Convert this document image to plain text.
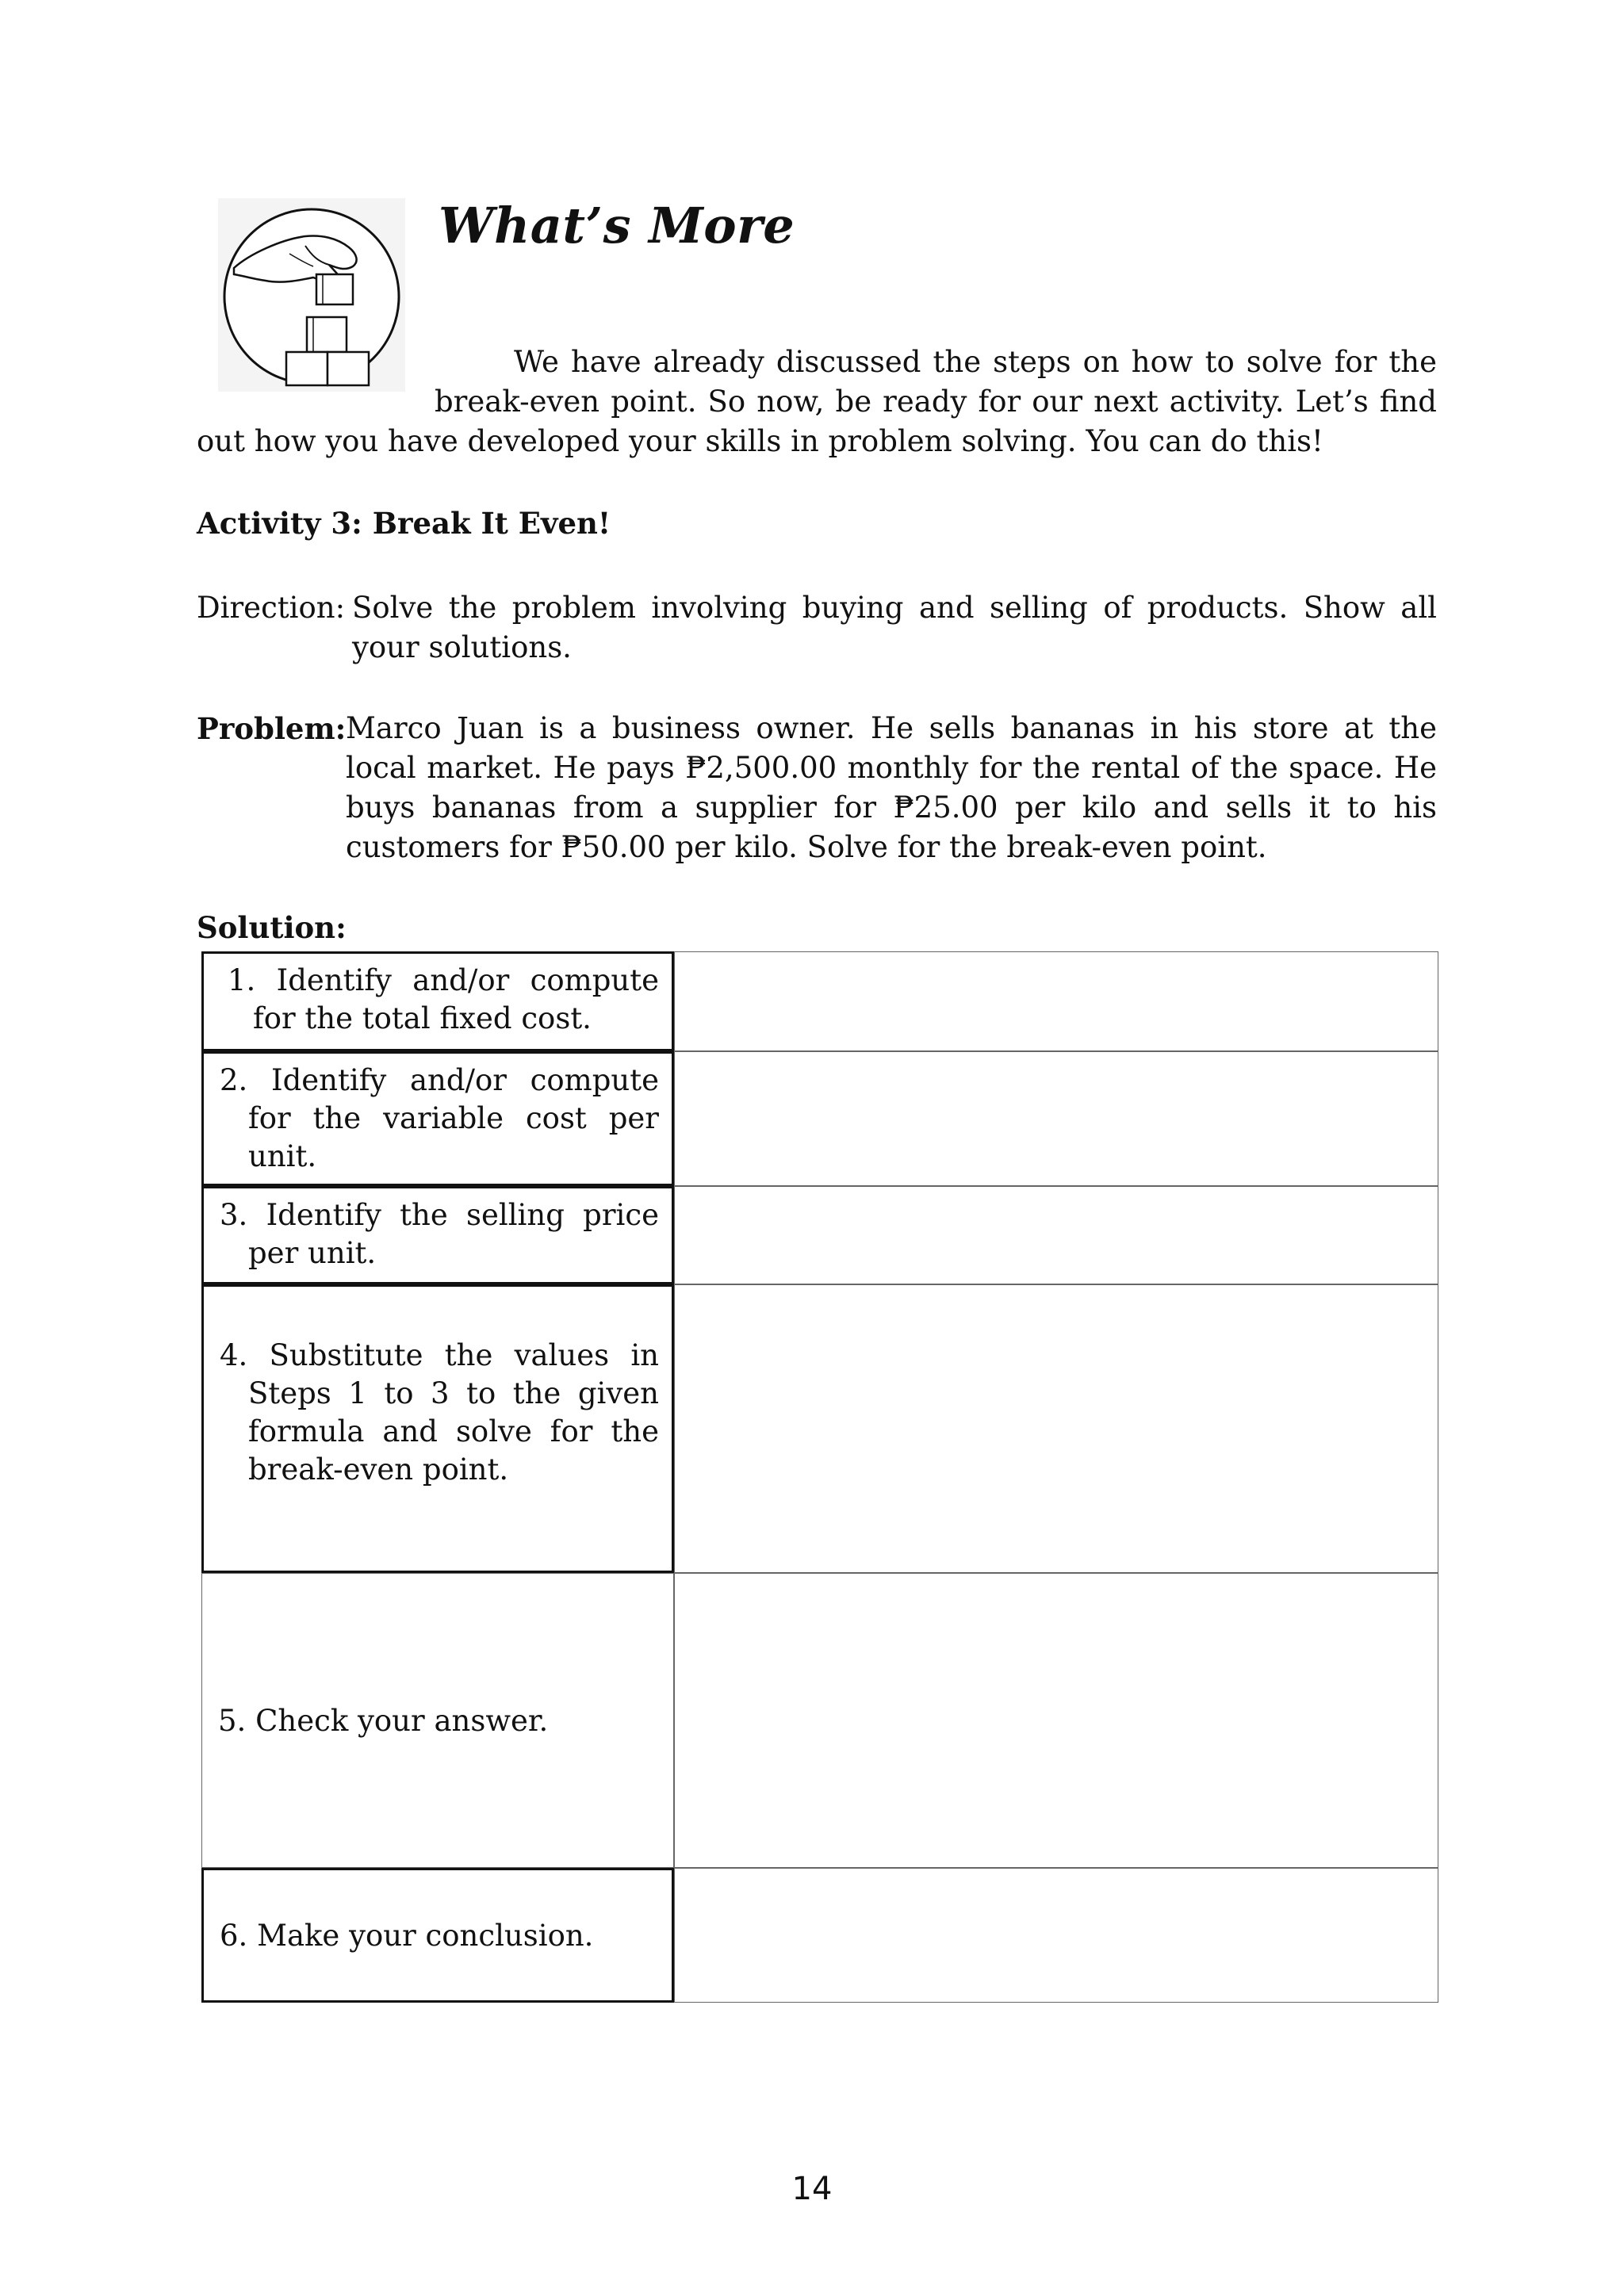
What’s More
We have already discussed the steps on how to solve for the
break-even point. So now, be ready for our next activity. Let’s find
out how you have developed your skills in problem solving. You can do this!
Activity 3: Break It Even!
Direction: Solve the problem involving buying and selling of products. Show all your solutions.
Problem: Marco Juan is a business owner. He sells bananas in his store at the local market. He pays ₱2,500.00 monthly for the rental of the space. He buys bananas from a supplier for ₱25.00 per kilo and sells it to his customers for ₱50.00 per kilo. Solve for the break-even point.
Solution:
1. Identify and/or compute for the total fixed cost.
2. Identify and/or compute for the variable cost per unit.
3. Identify the selling price per unit.
4. Substitute the values in Steps 1 to 3 to the given formula and solve for the break-even point.
5. Check your answer.
6. Make your conclusion.
14
